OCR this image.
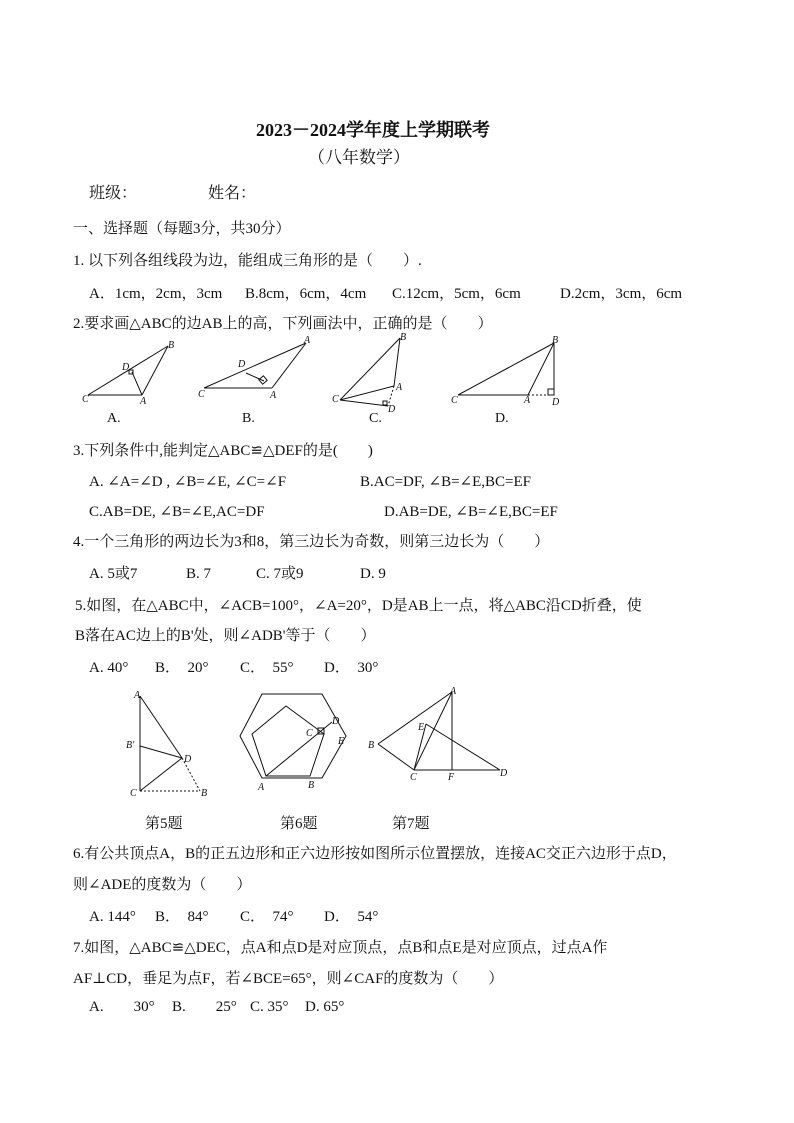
2023－2024学年度上学期联考
（八年数学）
班级：	姓名：
一、选择题（每题3分，共30分）
1. 以下列各组线段为边，能组成三角形的是（　　）.
A．1cm，2cm，3cm B.8cm，6cm，4cm C.12cm，5cm，6cm	D.2cm，3cm，6cm
2.要求画△ABC的边AB上的高，下列画法中，正确的是（　　）
C	A
B
D
A.
C	A
A
D
B.
C
A
B
D
C.
C	A
B
D
D.
3.下列条件中,能判定△ABC≌△DEF的是(　　)
A. ∠A=∠D , ∠B=∠E, ∠C=∠F	B.AC=DF, ∠B=∠E,BC=EF
C.AB=DE, ∠B=∠E,AC=DF	D.AB=DE, ∠B=∠E,BC=EF
4.一个三角形的两边长为3和8，第三边长为奇数，则第三边长为（　　）
A. 5或7	B. 7	C. 7或9	D. 9
5.如图，在△ABC中，∠ACB=100°，∠A=20°，D是AB上一点，将△ABC沿CD折叠，使
B落在AC边上的B'处，则∠ADB'等于（　　）
A. 40° B．　20° C．　55° D．　30°
A
B'
D
C	B
A	B
C
D
E
A
B
C	D
E
F
第5题	第6题	第7题
6.有公共顶点A，B的正五边形和正六边形按如图所示位置摆放，连接AC交正六边形于点D，
则∠ADE的度数为（　　）
A. 144° B．　84° C．　74° D．　54°
7.如图，△ABC≌△DEC，点A和点D是对应顶点，点B和点E是对应顶点，过点A作
AF⊥CD，垂足为点F，若∠BCE=65°，则∠CAF的度数为（　　）
A.　　30° B.　　25° C. 35° D. 65°
